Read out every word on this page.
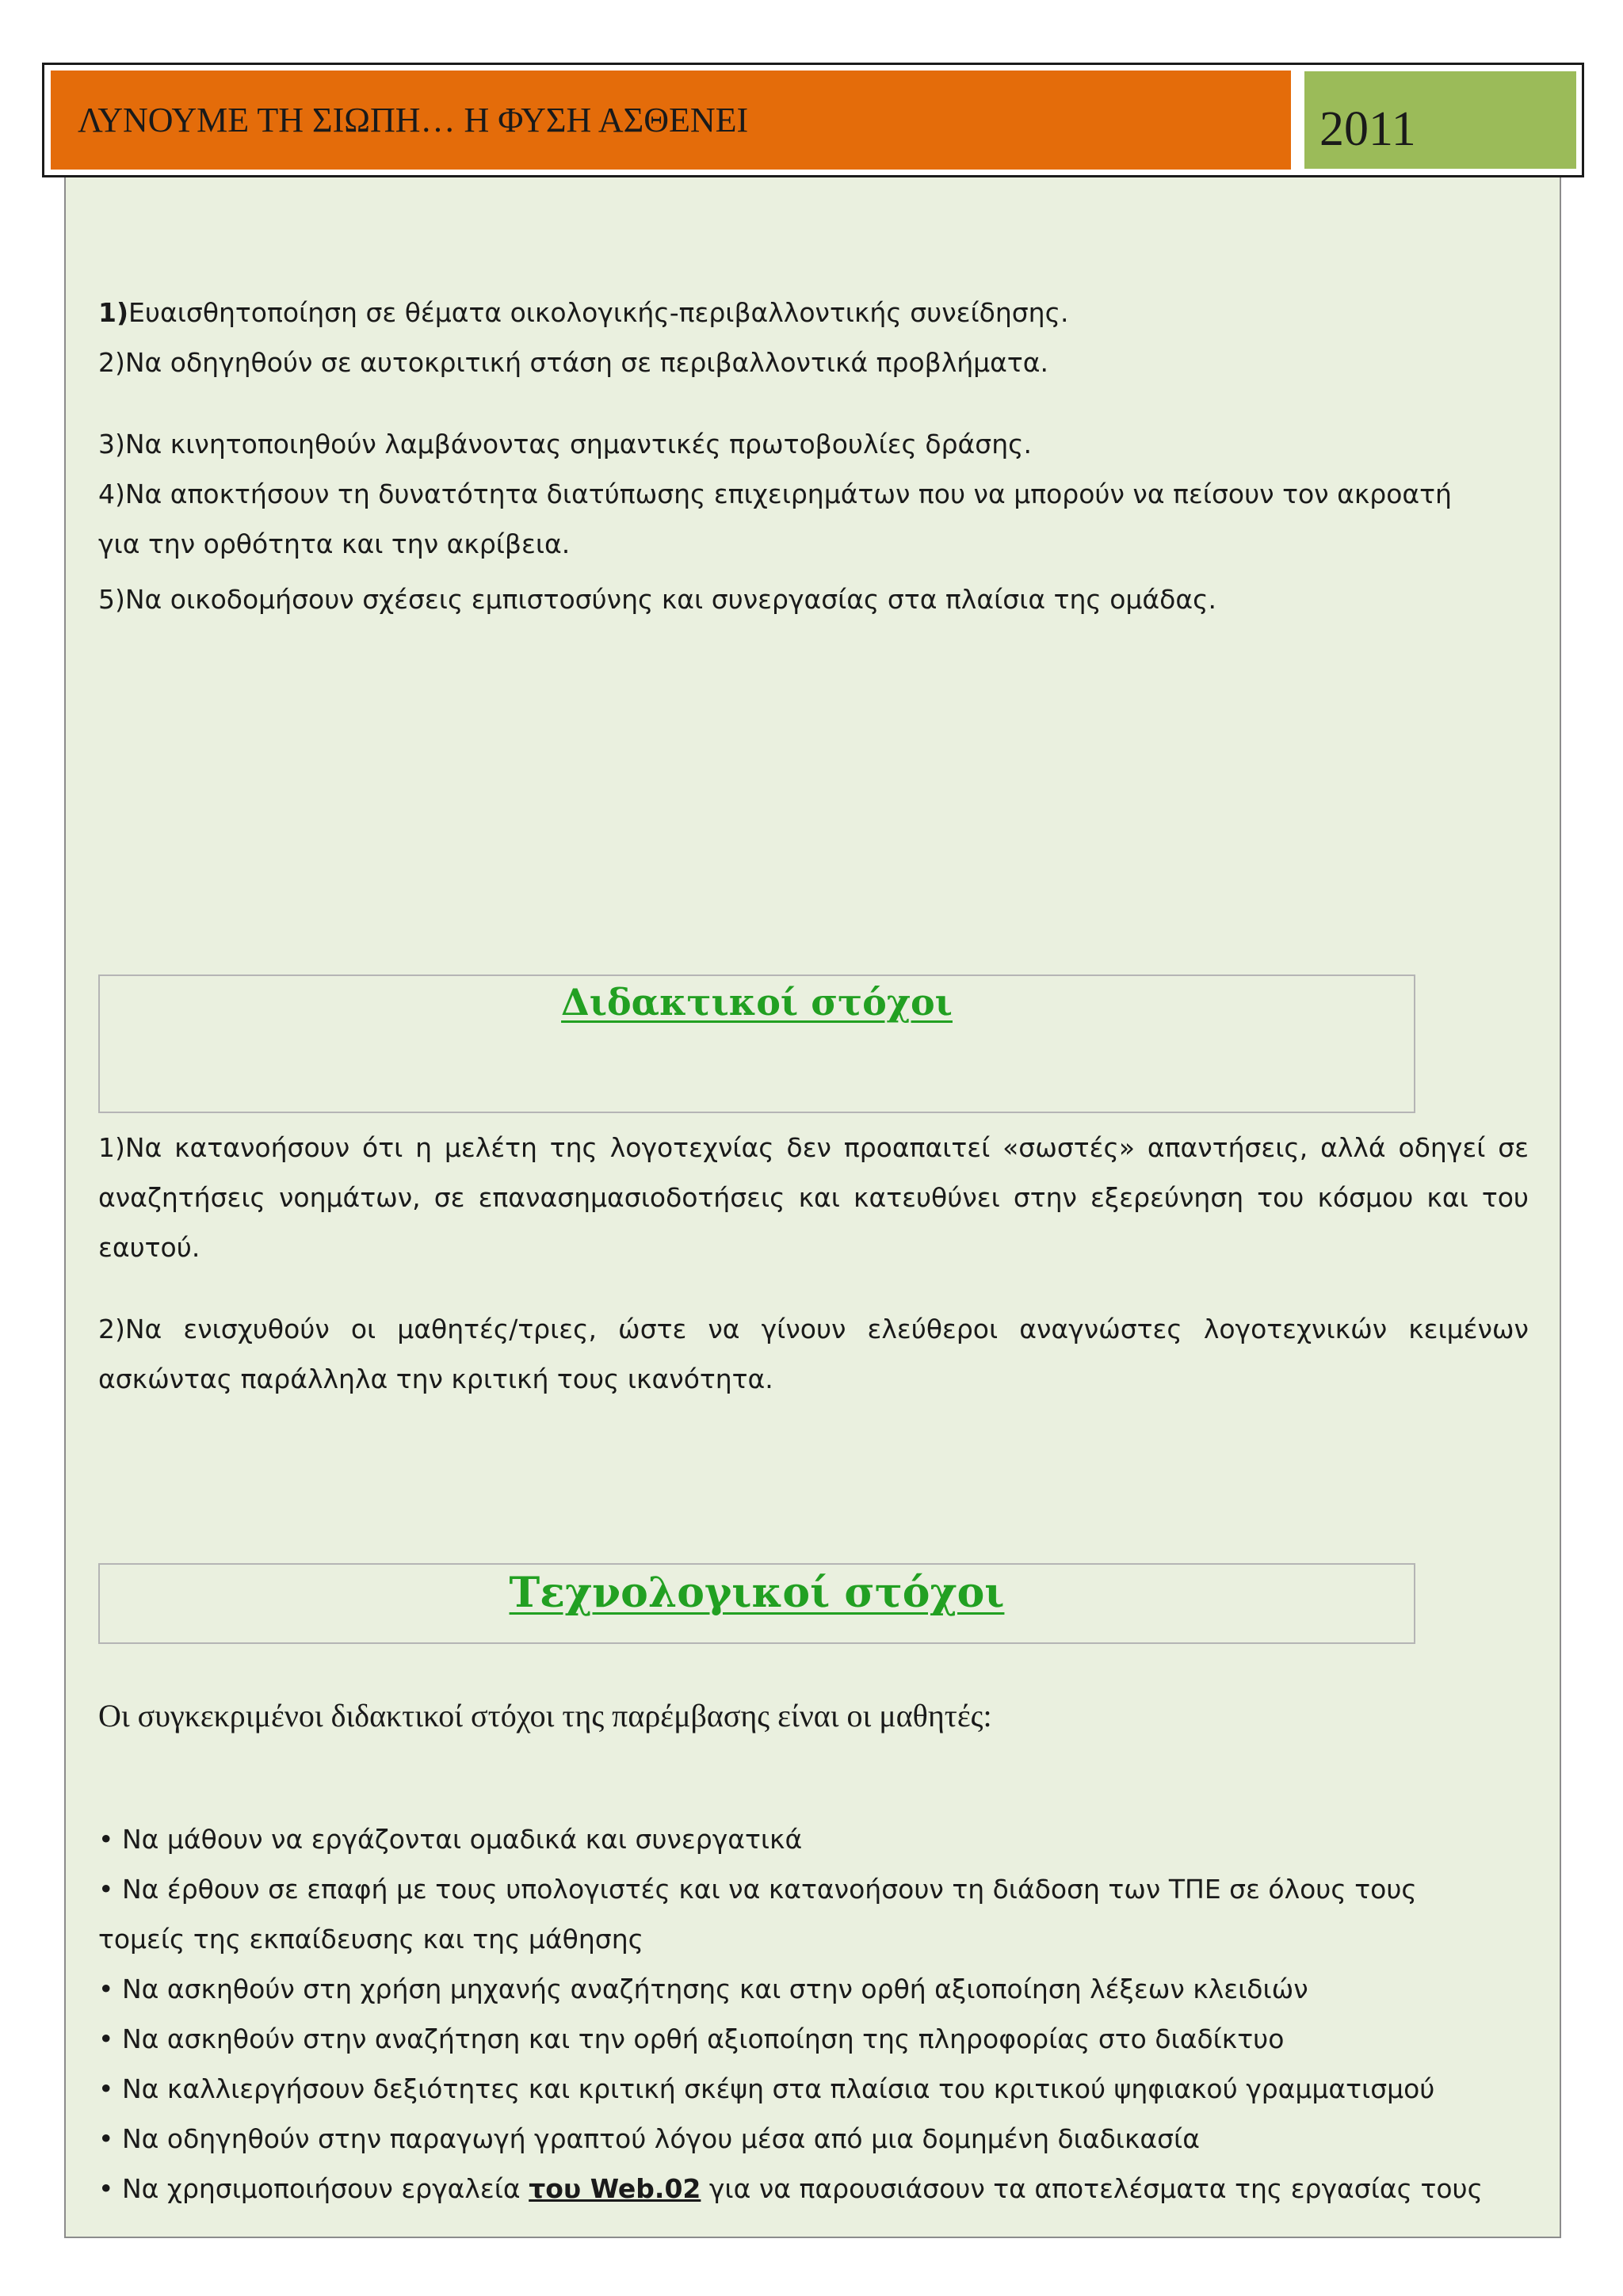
ΛΥΝΟΥΜΕ ΤΗ ΣΙΩΠΗ… Η ΦΥΣΗ ΑΣΘΕΝΕΙ	2011

1)Ευαισθητοποίηση σε θέματα οικολογικής-περιβαλλοντικής συνείδησης.

2)Να οδηγηθούν σε αυτοκριτική στάση σε περιβαλλοντικά προβλήματα.

3)Να κινητοποιηθούν λαμβάνοντας σημαντικές πρωτοβουλίες δράσης.

4)Να αποκτήσουν τη δυνατότητα διατύπωσης επιχειρημάτων που να μπορούν να πείσουν τον ακροατή

για την ορθότητα και την ακρίβεια.

5)Να οικοδομήσουν σχέσεις εμπιστοσύνης και συνεργασίας στα πλαίσια της ομάδας.

Διδακτικοί στόχοι

1)Να κατανοήσουν ότι η μελέτη της λογοτεχνίας δεν προαπαιτεί «σωστές» απαντήσεις, αλλά οδηγεί σε αναζητήσεις νοημάτων, σε επανασημασιοδοτήσεις και κατευθύνει στην εξερεύνηση του κόσμου και του εαυτού.

2)Να ενισχυθούν οι μαθητές/τριες, ώστε να γίνουν ελεύθεροι αναγνώστες λογοτεχνικών κειμένων ασκώντας παράλληλα την κριτική τους ικανότητα.

Τεχνολογικοί στόχοι

Οι συγκεκριμένοι διδακτικοί στόχοι της παρέμβασης είναι οι μαθητές:

• Να μάθουν να εργάζονται ομαδικά και συνεργατικά
• Να έρθουν σε επαφή με τους υπολογιστές και να κατανοήσουν τη διάδοση των ΤΠΕ σε όλους τους
τομείς της εκπαίδευσης και της μάθησης
• Να ασκηθούν στη χρήση μηχανής αναζήτησης και στην ορθή αξιοποίηση λέξεων κλειδιών
• Να ασκηθούν στην αναζήτηση και την ορθή αξιοποίηση της πληροφορίας στο διαδίκτυο
• Να καλλιεργήσουν δεξιότητες και κριτική σκέψη στα πλαίσια του κριτικού ψηφιακού γραμματισμού
• Να οδηγηθούν στην παραγωγή γραπτού λόγου μέσα από μια δομημένη διαδικασία
• Να χρησιμοποιήσουν εργαλεία του Web.02 για να παρουσιάσουν τα αποτελέσματα της εργασίας τους
